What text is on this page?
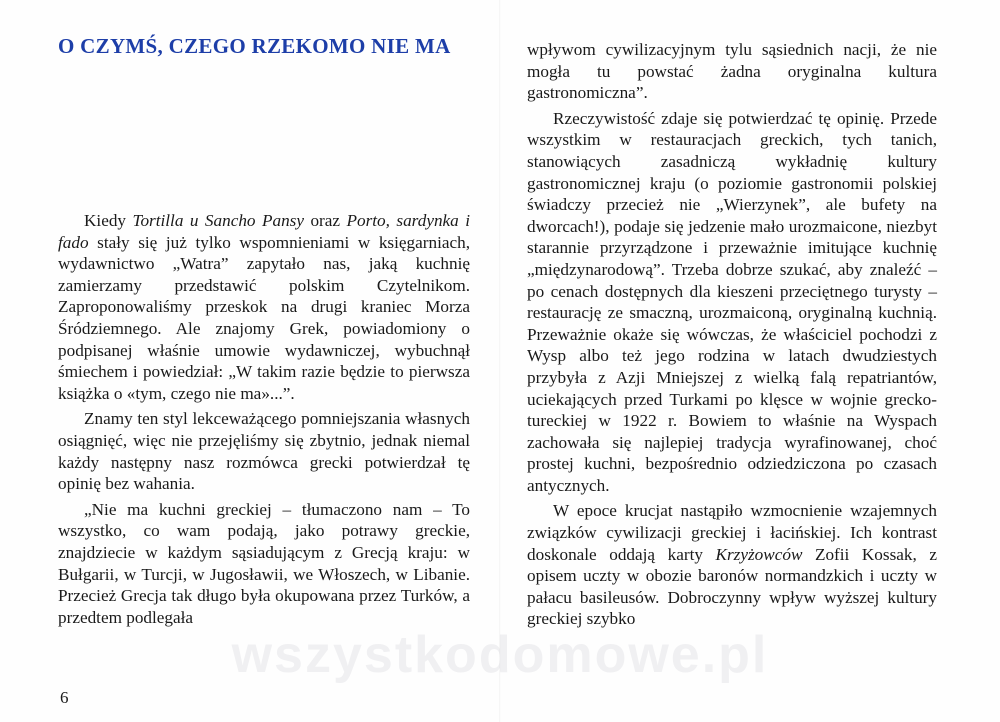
O CZYMŚ, CZEGO RZEKOMO NIE MA

Kiedy Tortilla u Sancho Pansy oraz Porto, sardynka i fado stały się już tylko wspomnieniami w księgarniach, wydawnictwo „Watra” zapytało nas, jaką kuchnię zamierzamy przedstawić polskim Czytelnikom. Zaproponowaliśmy przeskok na drugi kraniec Morza Śródziemnego. Ale znajomy Grek, powiadomiony o podpisanej właśnie umowie wydawniczej, wybuchnął śmiechem i powiedział: „W takim razie będzie to pierwsza książka o «tym, czego nie ma»...”.

Znamy ten styl lekceważącego pomniejszania własnych osiągnięć, więc nie przejęliśmy się zbytnio, jednak niemal każdy następny nasz rozmówca grecki potwierdzał tę opinię bez wahania.

„Nie ma kuchni greckiej – tłumaczono nam – To wszystko, co wam podają, jako potrawy greckie, znajdziecie w każdym sąsiadującym z Grecją kraju: w Bułgarii, w Turcji, w Jugosławii, we Włoszech, w Libanie. Przecież Grecja tak długo była okupowana przez Turków, a przedtem podlegała

6

wpływom cywilizacyjnym tylu sąsiednich nacji, że nie mogła tu powstać żadna oryginalna kultura gastronomiczna”.

Rzeczywistość zdaje się potwierdzać tę opinię. Przede wszystkim w restauracjach greckich, tych tanich, stanowiących zasadniczą wykładnię kultury gastronomicznej kraju (o poziomie gastronomii polskiej świadczy przecież nie „Wierzynek”, ale bufety na dworcach!), podaje się jedzenie mało urozmaicone, niezbyt starannie przyrządzone i przeważnie imitujące kuchnię „międzynarodową”. Trzeba dobrze szukać, aby znaleźć – po cenach dostępnych dla kieszeni przeciętnego turysty – restaurację ze smaczną, urozmaiconą, oryginalną kuchnią. Przeważnie okaże się wówczas, że właściciel pochodzi z Wysp albo też jego rodzina w latach dwudziestych przybyła z Azji Mniejszej z wielką falą repatriantów, uciekających przed Turkami po klęsce w wojnie grecko-tureckiej w 1922 r. Bowiem to właśnie na Wyspach zachowała się najlepiej tradycja wyrafinowanej, choć prostej kuchni, bezpośrednio odziedziczona po czasach antycznych.

W epoce krucjat nastąpiło wzmocnienie wzajemnych związków cywilizacji greckiej i łacińskiej. Ich kontrast doskonale oddają karty Krzyżowców Zofii Kossak, z opisem uczty w obozie baronów normandzkich i uczty w pałacu basileusów. Dobroczynny wpływ wyższej kultury greckiej szybko

wszystkodomowe.pl
